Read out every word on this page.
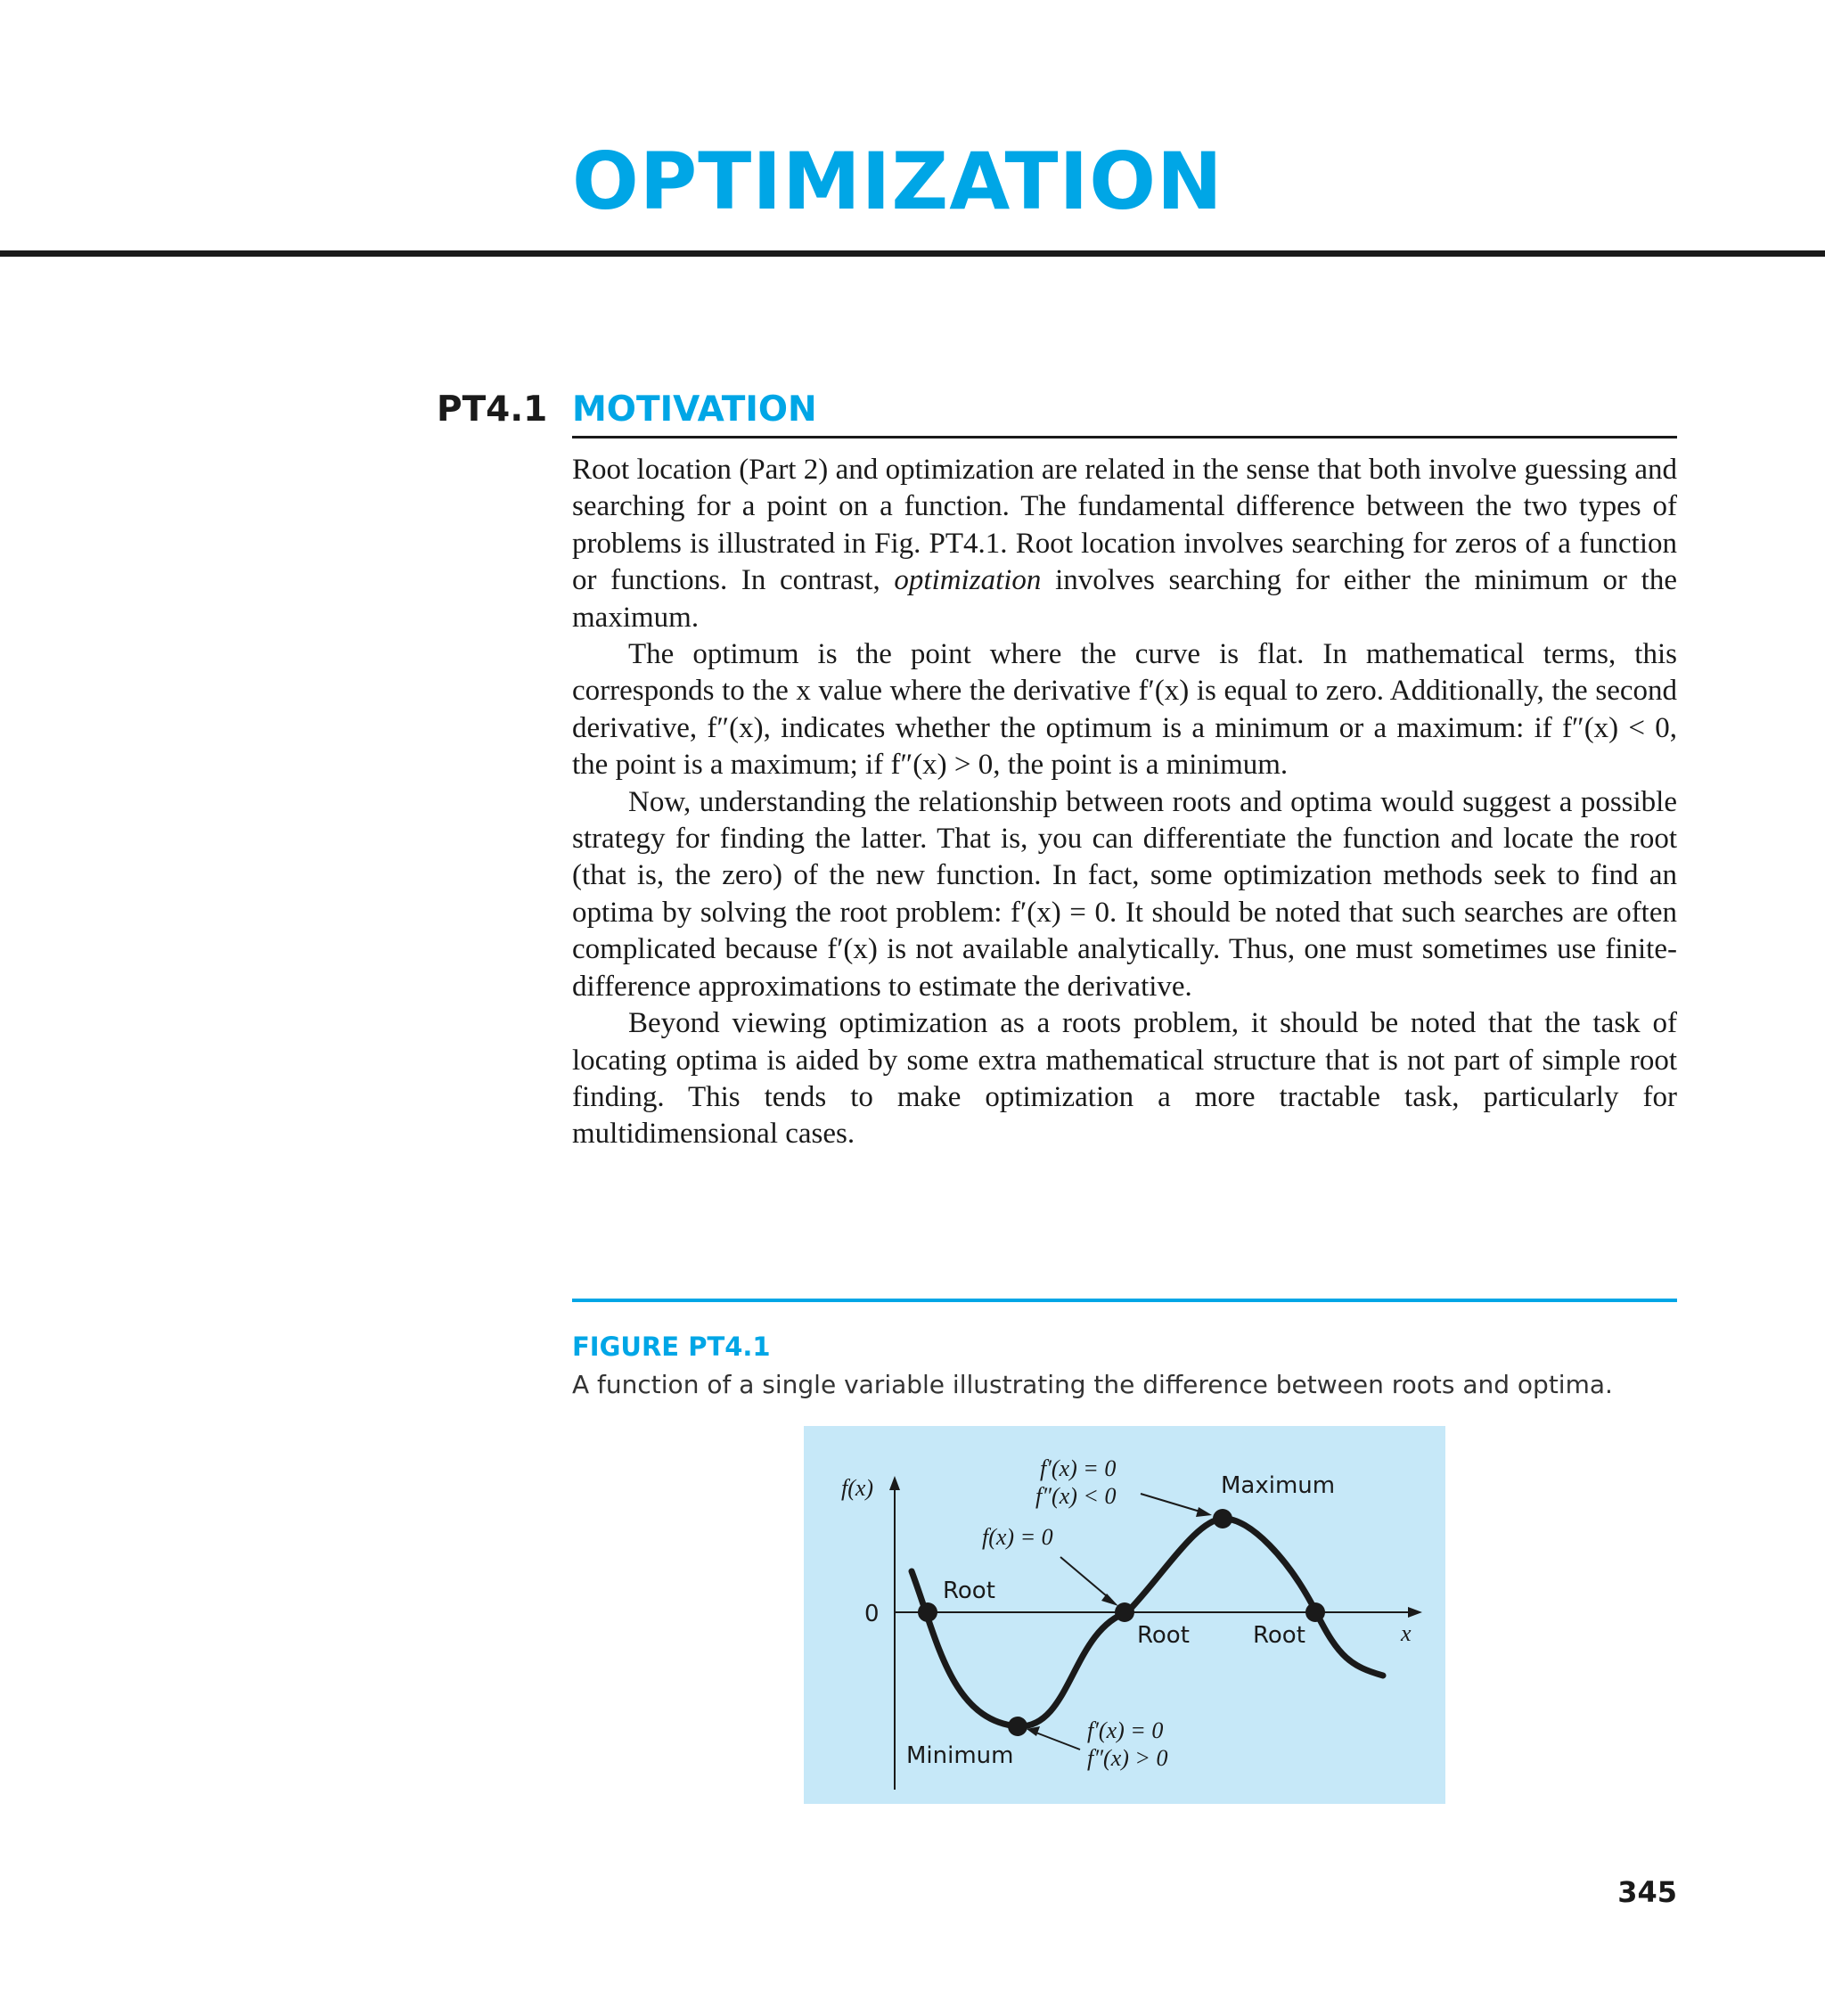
OPTIMIZATION
PT4.1 MOTIVATION

Root location (Part 2) and optimization are related in the sense that both involve guessing and searching for a point on a function. The fundamental difference between the two types of problems is illustrated in Fig. PT4.1. Root location involves searching for zeros of a function or functions. In contrast, optimization involves searching for either the minimum or the maximum.

The optimum is the point where the curve is flat. In mathematical terms, this corresponds to the x value where the derivative f′(x) is equal to zero. Additionally, the second derivative, f″(x), indicates whether the optimum is a minimum or a maximum: if f″(x) < 0, the point is a maximum; if f″(x) > 0, the point is a minimum.

Now, understanding the relationship between roots and optima would suggest a possible strategy for finding the latter. That is, you can differentiate the function and locate the root (that is, the zero) of the new function. In fact, some optimization methods seek to find an optima by solving the root problem: f′(x) = 0. It should be noted that such searches are often complicated because f′(x) is not available analytically. Thus, one must sometimes use finite-difference approximations to estimate the derivative.

Beyond viewing optimization as a roots problem, it should be noted that the task of locating optima is aided by some extra mathematical structure that is not part of simple root finding. This tends to make optimization a more tractable task, particularly for multidimensional cases.

FIGURE PT4.1
A function of a single variable illustrating the difference between roots and optima.
f(x)
x
0
f′(x) = 0
f″(x) < 0	Maximum
f(x) = 0
Root
Root	Root
Minimum
f′(x) = 0
f″(x) > 0
345
